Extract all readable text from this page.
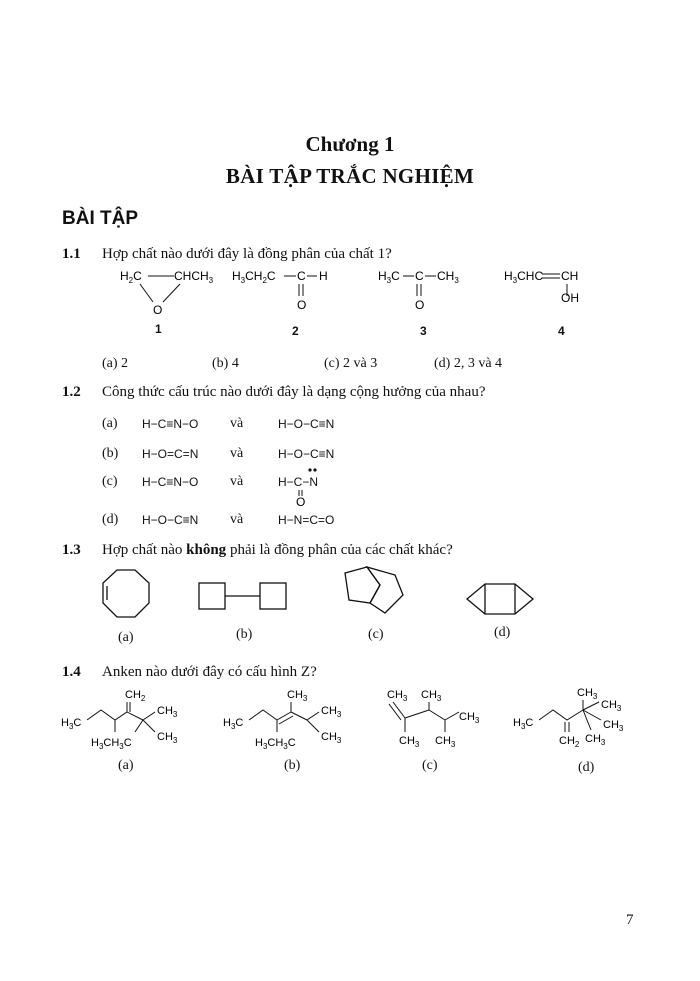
Chương 1
BÀI TẬP TRẮC NGHIỆM
BÀI TẬP
1.1 Hợp chất nào dưới đây là đồng phân của chất 1?
$H_2C$	$CHCH_3$
O
$H_3CH_2C$ C H
O
$H_3C$ C $CH_3$
O
$H_3CHC$ CH
OH
1	2	3	4
(a) 2	(b) 4	(c) 2 và 3	(d) 2, 3 và 4
1.2 Công thức cấu trúc nào dưới đây là dạng cộng hưởng của nhau?
(a) H−C≡N−O và	H−O−C≡N
(b) H−O=C=N và	H−O−C≡N
(c) H−C≡N−O và	H−C−N
O
(d) H−O−C≡N và	H−N=C=O
1.3 Hợp chất nào không phải là đồng phân của các chất khác?
(a)	(b)	(c)	(d)
1.4 Anken nào dưới đây có cấu hình Z?
$CH_2$
$H_3C$
$CH_3$
$CH_3$
$H_3CH_3C$
$CH_3$
$H_3C$
$CH_3$
$CH_3$
$H_3CH_3C$
$CH_3$ $CH_3$
$CH_3$
$CH_3$ $CH_3$
$CH_3$
$H_3C$
$CH_3$
$CH_3$
$CH_3$
$CH_2$
(a)	(b)	(c)	(d)
7
